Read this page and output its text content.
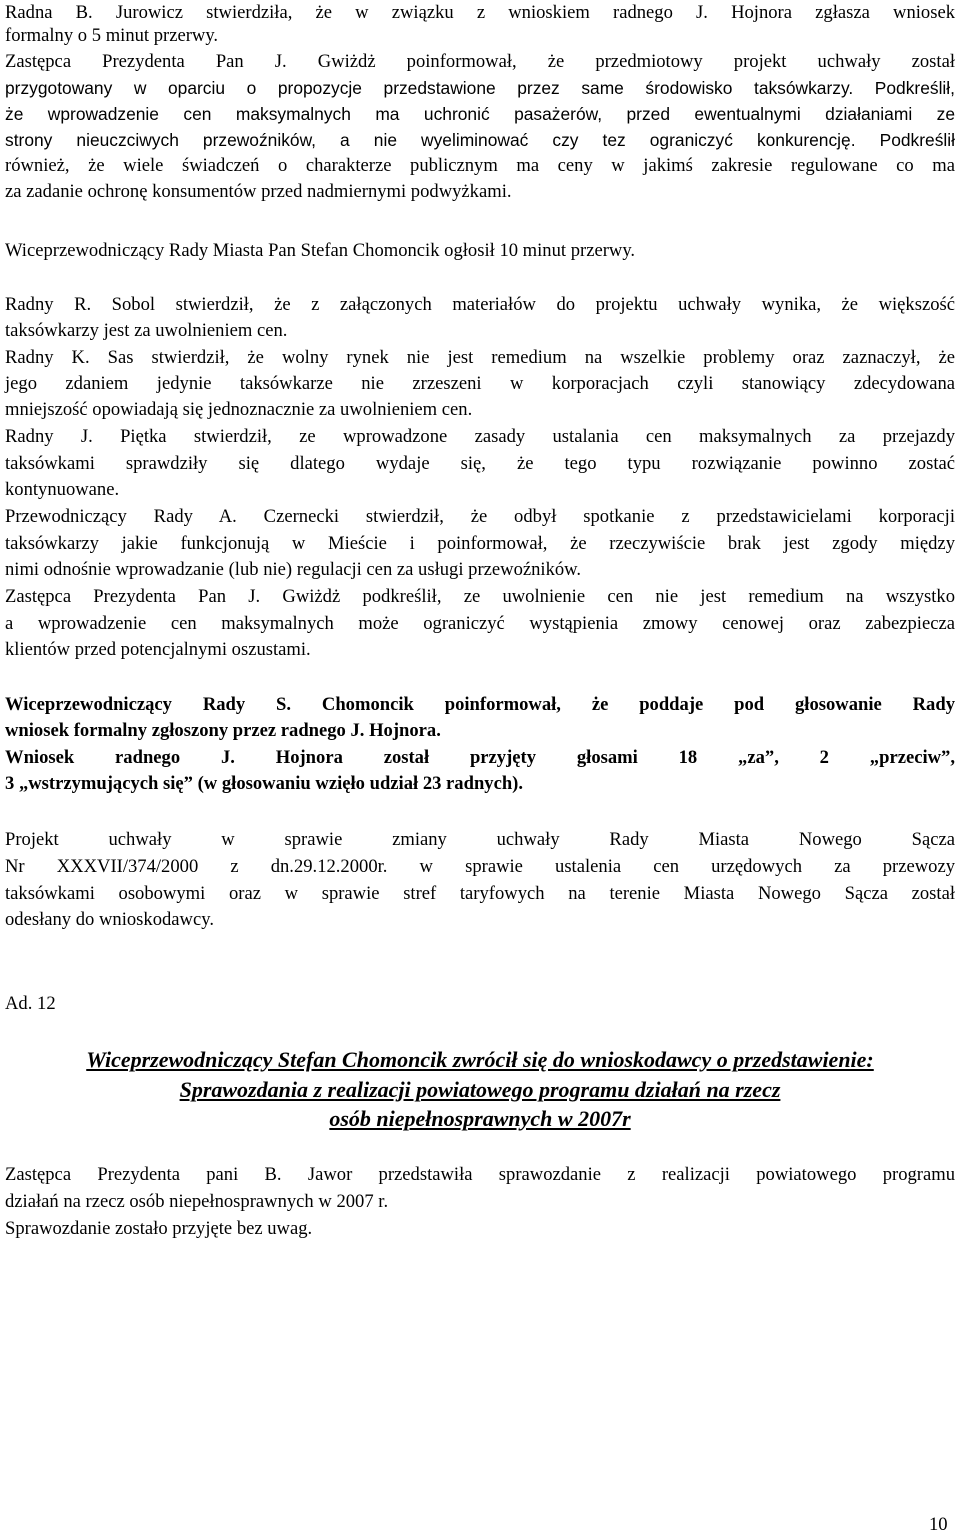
Radna B. Jurowicz stwierdziła, że w związku z wnioskiem radnego J. Hojnora zgłasza wniosek
formalny o 5 minut przerwy.
Zastępca Prezydenta Pan J. Gwiżdż poinformował, że przedmiotowy projekt uchwały został
przygotowany w oparciu o propozycje przedstawione przez same środowisko taksówkarzy. Podkreślił,
że wprowadzenie cen maksymalnych ma uchronić pasażerów, przed ewentualnymi działaniami ze
strony nieuczciwych przewoźników, a nie wyeliminować czy tez ograniczyć konkurencję. Podkreślił
również, że wiele świadczeń o charakterze publicznym ma ceny w jakimś zakresie regulowane co ma
za zadanie ochronę konsumentów przed nadmiernymi podwyżkami.
Wiceprzewodniczący Rady Miasta Pan Stefan Chomoncik ogłosił 10 minut przerwy.
Radny R. Sobol stwierdził, że z załączonych materiałów do projektu uchwały wynika, że większość
taksówkarzy jest za uwolnieniem cen.
Radny K. Sas stwierdził, że wolny rynek nie jest remedium na wszelkie problemy oraz zaznaczył, że
jego zdaniem jedynie taksówkarze nie zrzeszeni w korporacjach czyli stanowiący zdecydowana
mniejszość opowiadają się jednoznacznie za uwolnieniem cen.
Radny J. Piętka stwierdził, ze wprowadzone zasady ustalania cen maksymalnych za przejazdy
taksówkami sprawdziły się dlatego wydaje się, że tego typu rozwiązanie powinno zostać
kontynuowane.
Przewodniczący Rady A. Czernecki stwierdził, że odbył spotkanie z przedstawicielami korporacji
taksówkarzy jakie funkcjonują w Mieście i poinformował, że rzeczywiście brak jest zgody między
nimi odnośnie wprowadzanie (lub nie) regulacji cen za usługi przewoźników.
Zastępca Prezydenta Pan J. Gwiżdż podkreślił, ze uwolnienie cen nie jest remedium na wszystko
a wprowadzenie cen maksymalnych może ograniczyć wystąpienia zmowy cenowej oraz zabezpiecza
klientów przed potencjalnymi oszustami.
Wiceprzewodniczący Rady S. Chomoncik poinformował, że poddaje pod głosowanie Rady
wniosek formalny zgłoszony przez radnego J. Hojnora.
Wniosek radnego J. Hojnora został przyjęty głosami 18 „za”, 2 „przeciw”,
3 „wstrzymujących się” (w głosowaniu wzięło udział 23 radnych).
Projekt uchwały w sprawie zmiany uchwały Rady Miasta Nowego Sącza
Nr XXXVII/374/2000 z dn.29.12.2000r. w sprawie ustalenia cen urzędowych za przewozy
taksówkami osobowymi oraz w sprawie stref taryfowych na terenie Miasta Nowego Sącza został
odesłany do wnioskodawcy.
Ad. 12
Wiceprzewodniczący Stefan Chomoncik zwrócił się do wnioskodawcy o przedstawienie:
Sprawozdania z realizacji powiatowego programu działań na rzecz
osób niepełnosprawnych w 2007r
Zastępca Prezydenta pani B. Jawor przedstawiła sprawozdanie z realizacji powiatowego programu
działań na rzecz osób niepełnosprawnych w 2007 r.
Sprawozdanie zostało przyjęte bez uwag.
10
